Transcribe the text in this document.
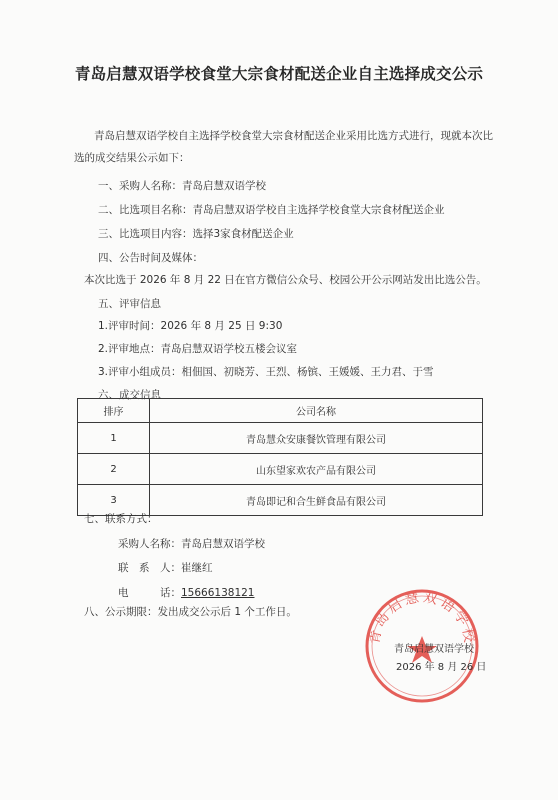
青岛启慧双语学校食堂大宗食材配送企业自主选择成交公示
青岛启慧双语学校自主选择学校食堂大宗食材配送企业采用比选方式进行，现就本次比
选的成交结果公示如下：
一、采购人名称：青岛启慧双语学校
二、比选项目名称：青岛启慧双语学校自主选择学校食堂大宗食材配送企业
三、比选项目内容：选择3家食材配送企业
四、公告时间及媒体：
本次比选于 2026 年 8 月 22 日在官方微信公众号、校园公开公示网站发出比选公告。
五、评审信息
1.评审时间：2026 年 8 月 25 日 9:30
2.评审地点：青岛启慧双语学校五楼会议室
3.评审小组成员：相佃国、初晓芳、王烈、杨镔、王媛媛、王力君、于雪
六、成交信息
排序	公司名称
1	青岛慧众安康餐饮管理有限公司
2	山东望家欢农产品有限公司
3	青岛即记和合生鲜食品有限公司
七、联系方式：
采购人名称：青岛启慧双语学校
联　系　人：崔继红
电　　　话：15666138121
八、公示期限：发出成交公示后 1 个工作日。
青岛启慧双语学校
青岛启慧双语学校
2026 年 8 月 26 日
